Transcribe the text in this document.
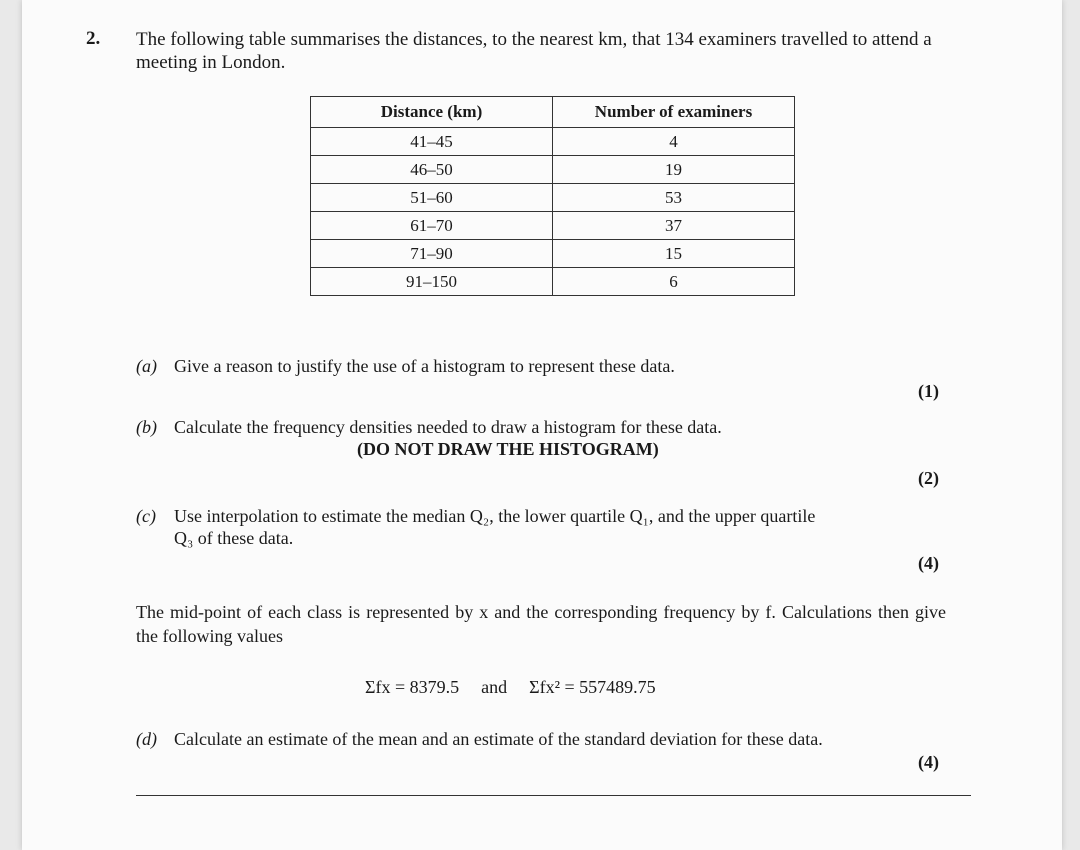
2. The following table summarises the distances, to the nearest km, that 134 examiners travelled to attend a meeting in London.
Distance (km)	Number of examiners
41–45	4
46–50	19
51–60	53
61–70	37
71–90	15
91–150	6
(a) Give a reason to justify the use of a histogram to represent these data.
(1)
(b) Calculate the frequency densities needed to draw a histogram for these data.
(DO NOT DRAW THE HISTOGRAM)
(2)
(c) Use interpolation to estimate the median Q₂, the lower quartile Q₁, and the upper quartile
Q₃ of these data.
(4)
The mid-point of each class is represented by x and the corresponding frequency by f. Calculations then give the following values
Σfx = 8379.5 and Σfx² = 557489.75
(d) Calculate an estimate of the mean and an estimate of the standard deviation for these data.
(4)
